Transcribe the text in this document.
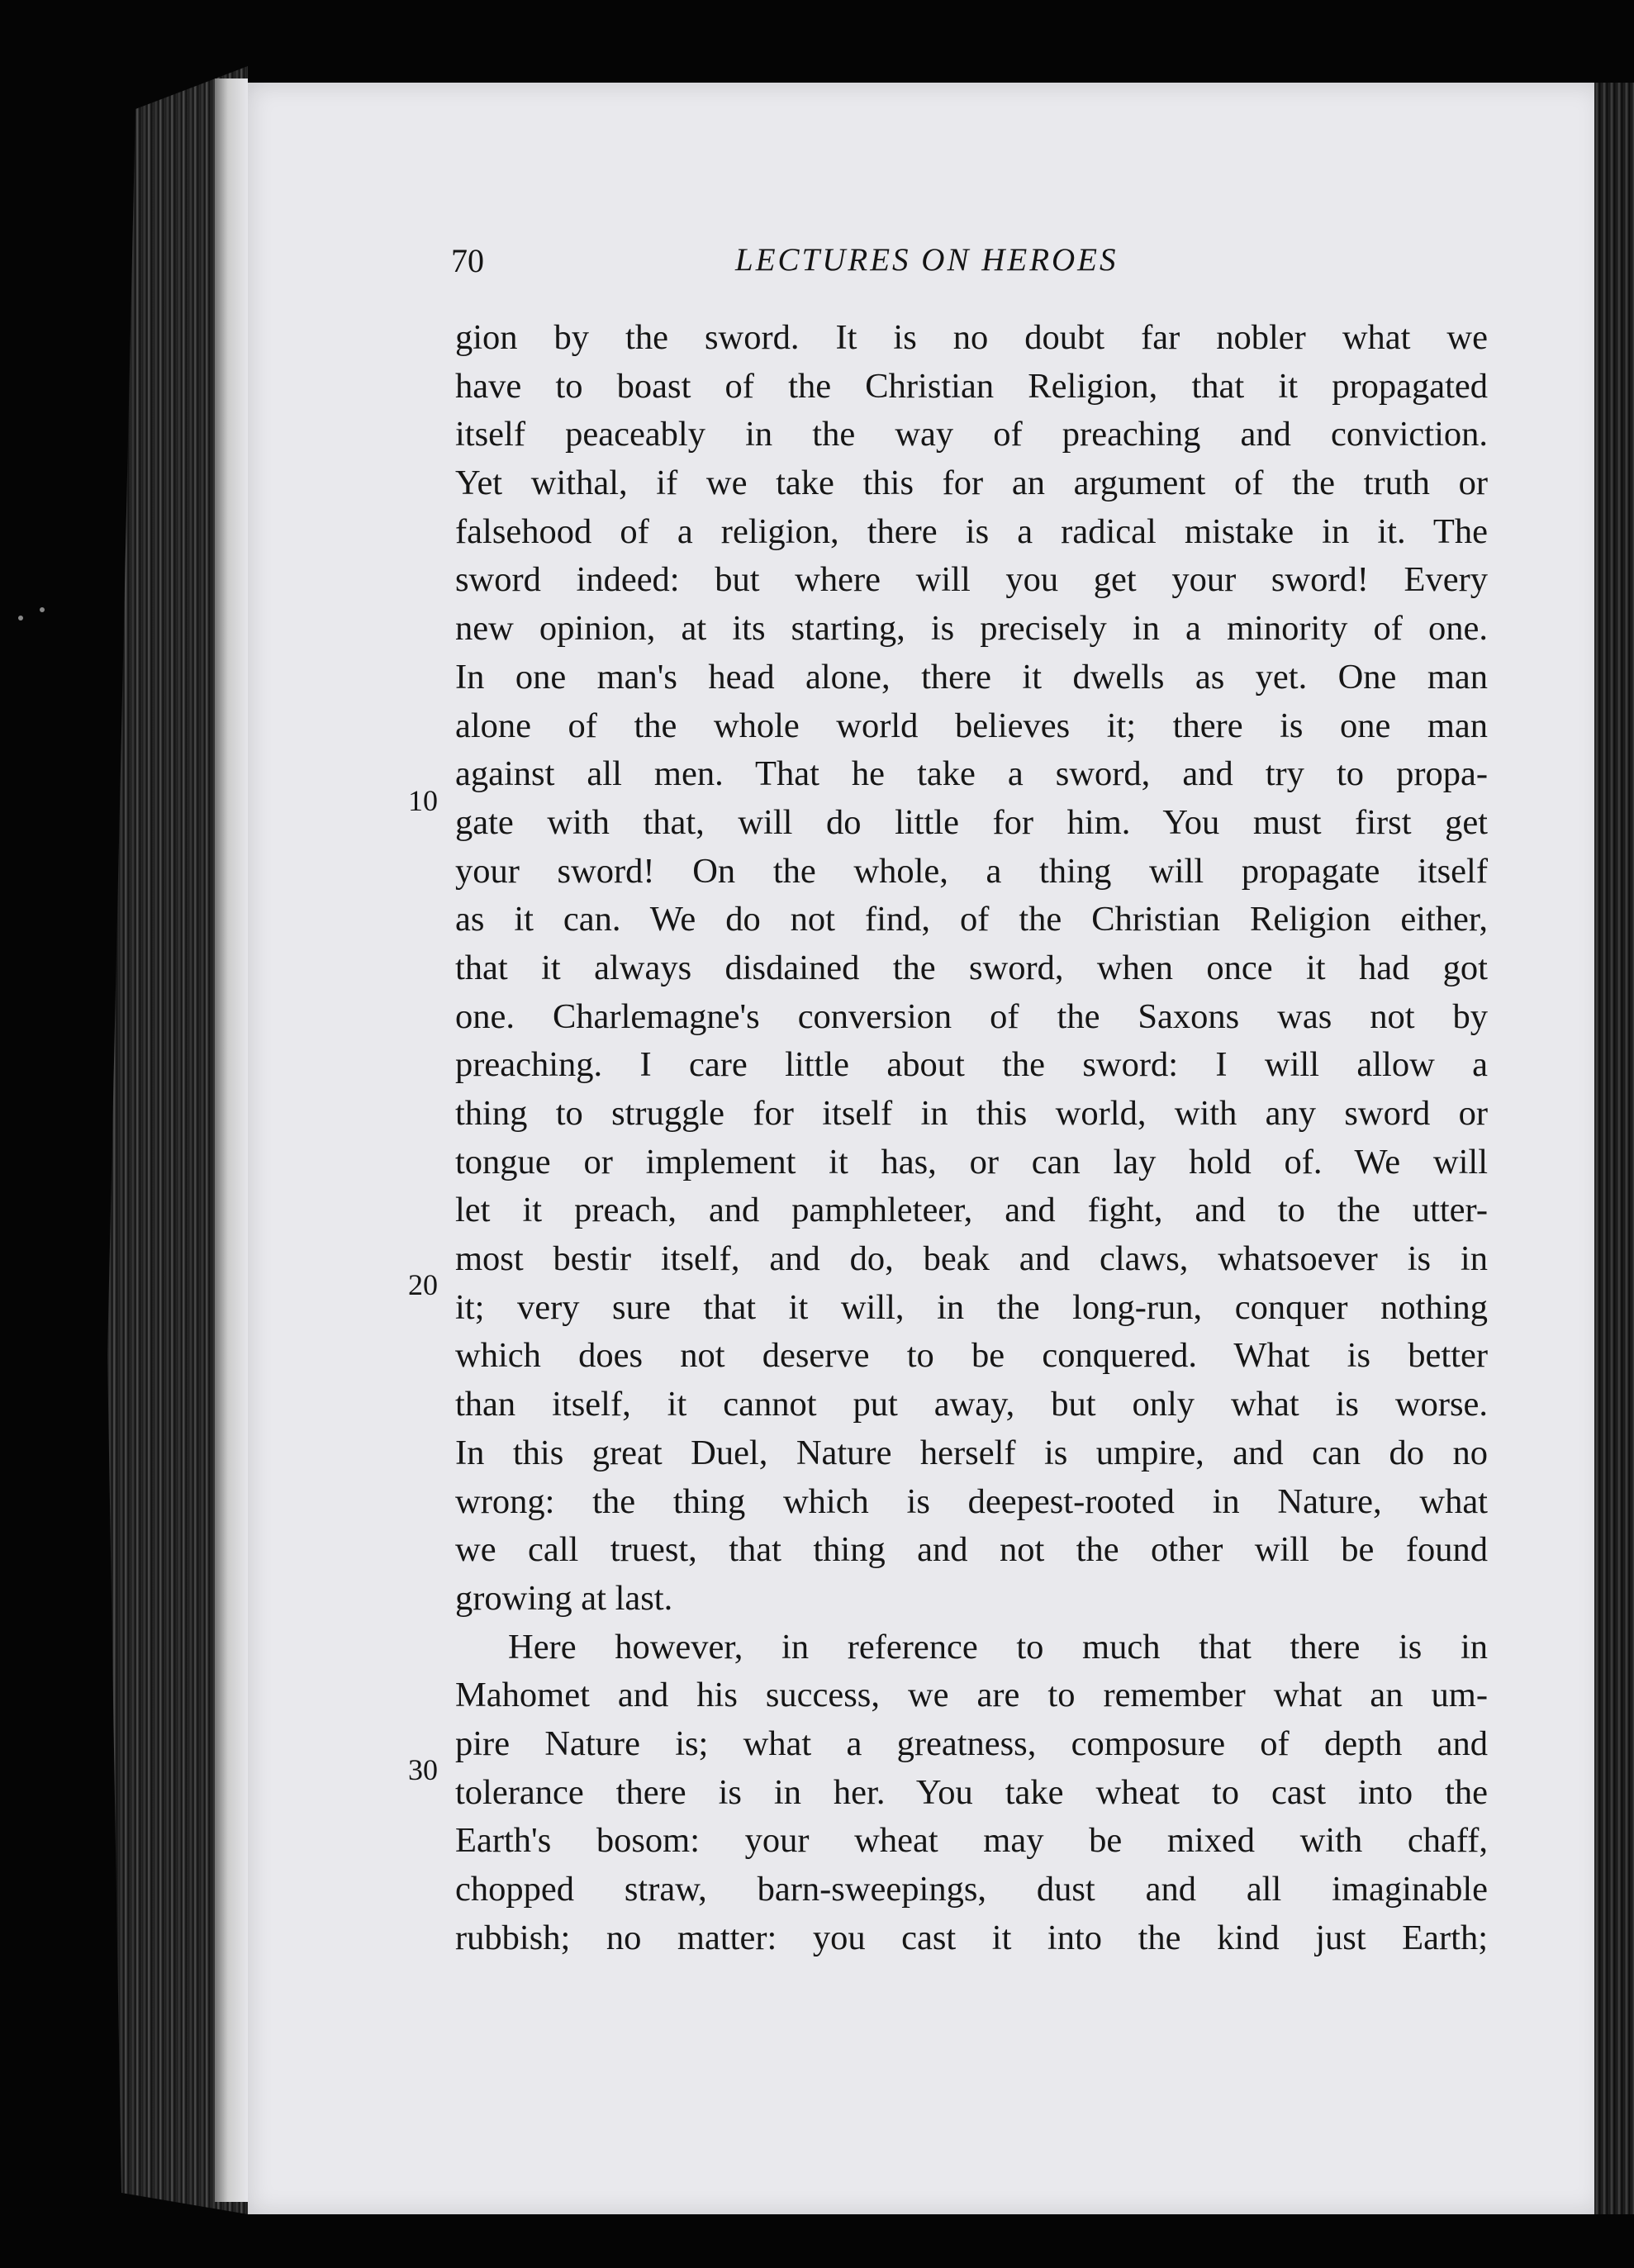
70	LECTURES ON HEROES
10
20
30
gion by the sword. It is no doubt far nobler what we
have to boast of the Christian Religion, that it propagated
itself peaceably in the way of preaching and conviction.
Yet withal, if we take this for an argument of the truth or
falsehood of a religion, there is a radical mistake in it. The
sword indeed: but where will you get your sword! Every
new opinion, at its starting, is precisely in a minority of one.
In one man's head alone, there it dwells as yet. One man
alone of the whole world believes it; there is one man
against all men. That he take a sword, and try to propa-
gate with that, will do little for him. You must first get
your sword! On the whole, a thing will propagate itself
as it can. We do not find, of the Christian Religion either,
that it always disdained the sword, when once it had got
one. Charlemagne's conversion of the Saxons was not by
preaching. I care little about the sword: I will allow a
thing to struggle for itself in this world, with any sword or
tongue or implement it has, or can lay hold of. We will
let it preach, and pamphleteer, and fight, and to the utter-
most bestir itself, and do, beak and claws, whatsoever is in
it; very sure that it will, in the long-run, conquer nothing
which does not deserve to be conquered. What is better
than itself, it cannot put away, but only what is worse.
In this great Duel, Nature herself is umpire, and can do no
wrong: the thing which is deepest-rooted in Nature, what
we call truest, that thing and not the other will be found
growing at last.
Here however, in reference to much that there is in
Mahomet and his success, we are to remember what an um-
pire Nature is; what a greatness, composure of depth and
tolerance there is in her. You take wheat to cast into the
Earth's bosom: your wheat may be mixed with chaff,
chopped straw, barn-sweepings, dust and all imaginable
rubbish; no matter: you cast it into the kind just Earth;
